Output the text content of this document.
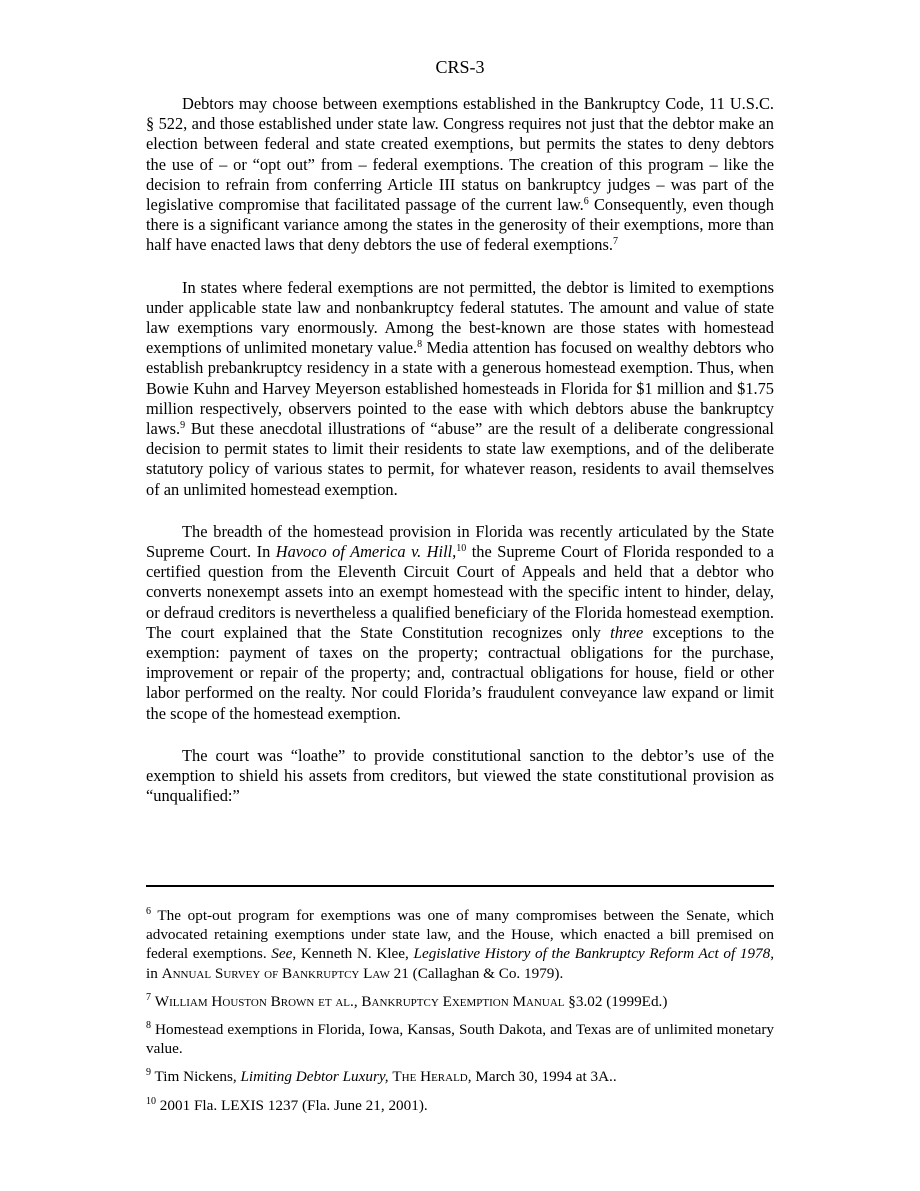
CRS-3

Debtors may choose between exemptions established in the Bankruptcy Code, 11 U.S.C. § 522, and those established under state law. Congress requires not just that the debtor make an election between federal and state created exemptions, but permits the states to deny debtors the use of – or “opt out” from – federal exemptions. The creation of this program – like the decision to refrain from conferring Article III status on bankruptcy judges – was part of the legislative compromise that facilitated passage of the current law.$^6$ Consequently, even though there is a significant variance among the states in the generosity of their exemptions, more than half have enacted laws that deny debtors the use of federal exemptions.$^7$

In states where federal exemptions are not permitted, the debtor is limited to exemptions under applicable state law and nonbankruptcy federal statutes. The amount and value of state law exemptions vary enormously. Among the best-known are those states with homestead exemptions of unlimited monetary value.$^8$ Media attention has focused on wealthy debtors who establish prebankruptcy residency in a state with a generous homestead exemption. Thus, when Bowie Kuhn and Harvey Meyerson established homesteads in Florida for $1 million and $1.75 million respectively, observers pointed to the ease with which debtors abuse the bankruptcy laws.$^9$ But these anecdotal illustrations of “abuse” are the result of a deliberate congressional decision to permit states to limit their residents to state law exemptions, and of the deliberate statutory policy of various states to permit, for whatever reason, residents to avail themselves of an unlimited homestead exemption.

The breadth of the homestead provision in Florida was recently articulated by the State Supreme Court. In Havoco of America v. Hill,$^{10}$ the Supreme Court of Florida responded to a certified question from the Eleventh Circuit Court of Appeals and held that a debtor who converts nonexempt assets into an exempt homestead with the specific intent to hinder, delay, or defraud creditors is nevertheless a qualified beneficiary of the Florida homestead exemption. The court explained that the State Constitution recognizes only three exceptions to the exemption: payment of taxes on the property; contractual obligations for the purchase, improvement or repair of the property; and, contractual obligations for house, field or other labor performed on the realty. Nor could Florida’s fraudulent conveyance law expand or limit the scope of the homestead exemption.

The court was “loathe” to provide constitutional sanction to the debtor’s use of the exemption to shield his assets from creditors, but viewed the state constitutional provision as “unqualified:”

$^6$ The opt-out program for exemptions was one of many compromises between the Senate, which advocated retaining exemptions under state law, and the House, which enacted a bill premised on federal exemptions. See, Kenneth N. Klee, Legislative History of the Bankruptcy Reform Act of 1978, in Annual Survey of Bankruptcy Law 21 (Callaghan & Co. 1979).

$^7$ William Houston Brown et al., Bankruptcy Exemption Manual §3.02 (1999Ed.)

$^8$ Homestead exemptions in Florida, Iowa, Kansas, South Dakota, and Texas are of unlimited monetary value.

$^9$ Tim Nickens, Limiting Debtor Luxury, The Herald, March 30, 1994 at 3A..

$^{10}$ 2001 Fla. LEXIS 1237 (Fla. June 21, 2001).
